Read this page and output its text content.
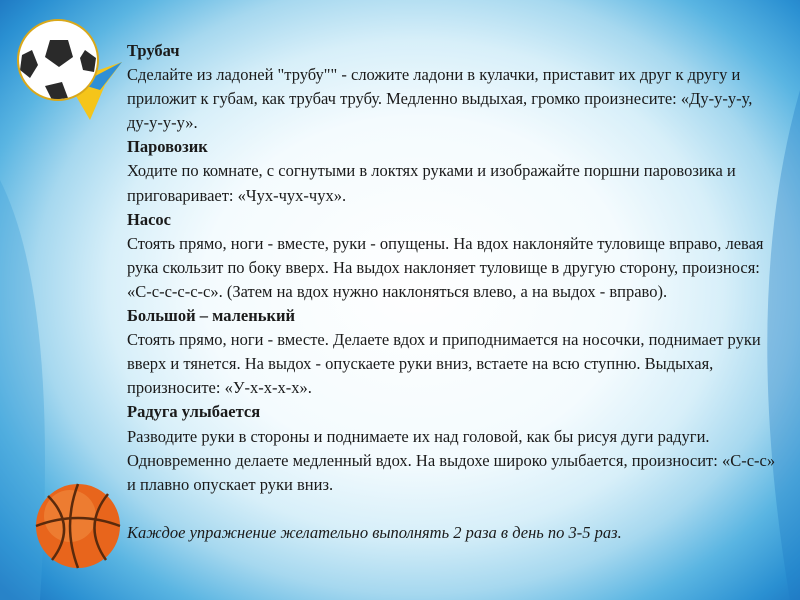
Трубач
Сделайте из ладоней "трубу"" - сложите ладони в кулачки, приставит их друг к другу и приложит к губам, как трубач трубу. Медленно выдыхая, громко произнесите: «Ду-у-у-у, ду-у-у-у».
Паровозик
Ходите по комнате, с согнутыми в локтях руками и изображайте поршни паровозика и приговаривает: «Чух-чух-чух».
Насос
Стоять прямо, ноги - вместе, руки - опущены. На вдох наклоняйте туловище вправо, левая рука скользит по боку вверх. На выдох наклоняет туловище в другую сторону, произнося: «С-с-с-с-с-с». (Затем на вдох нужно наклоняться влево, а на выдох - вправо).
Большой – маленький
Стоять прямо, ноги - вместе. Делаете вдох и приподнимается на носочки, поднимает руки вверх и тянется. На выдох - опускаете руки вниз, встаете на всю ступню. Выдыхая, произносите: «У-х-х-х-х».
Радуга улыбается
Разводите руки в стороны и поднимаете их над головой, как бы рисуя дуги радуги. Одновременно делаете медленный вдох. На выдохе широко улыбается, произносит: «С-с-с» и плавно опускает руки вниз.
Каждое упражнение желательно выполнять 2 раза в день по 3-5 раз.
